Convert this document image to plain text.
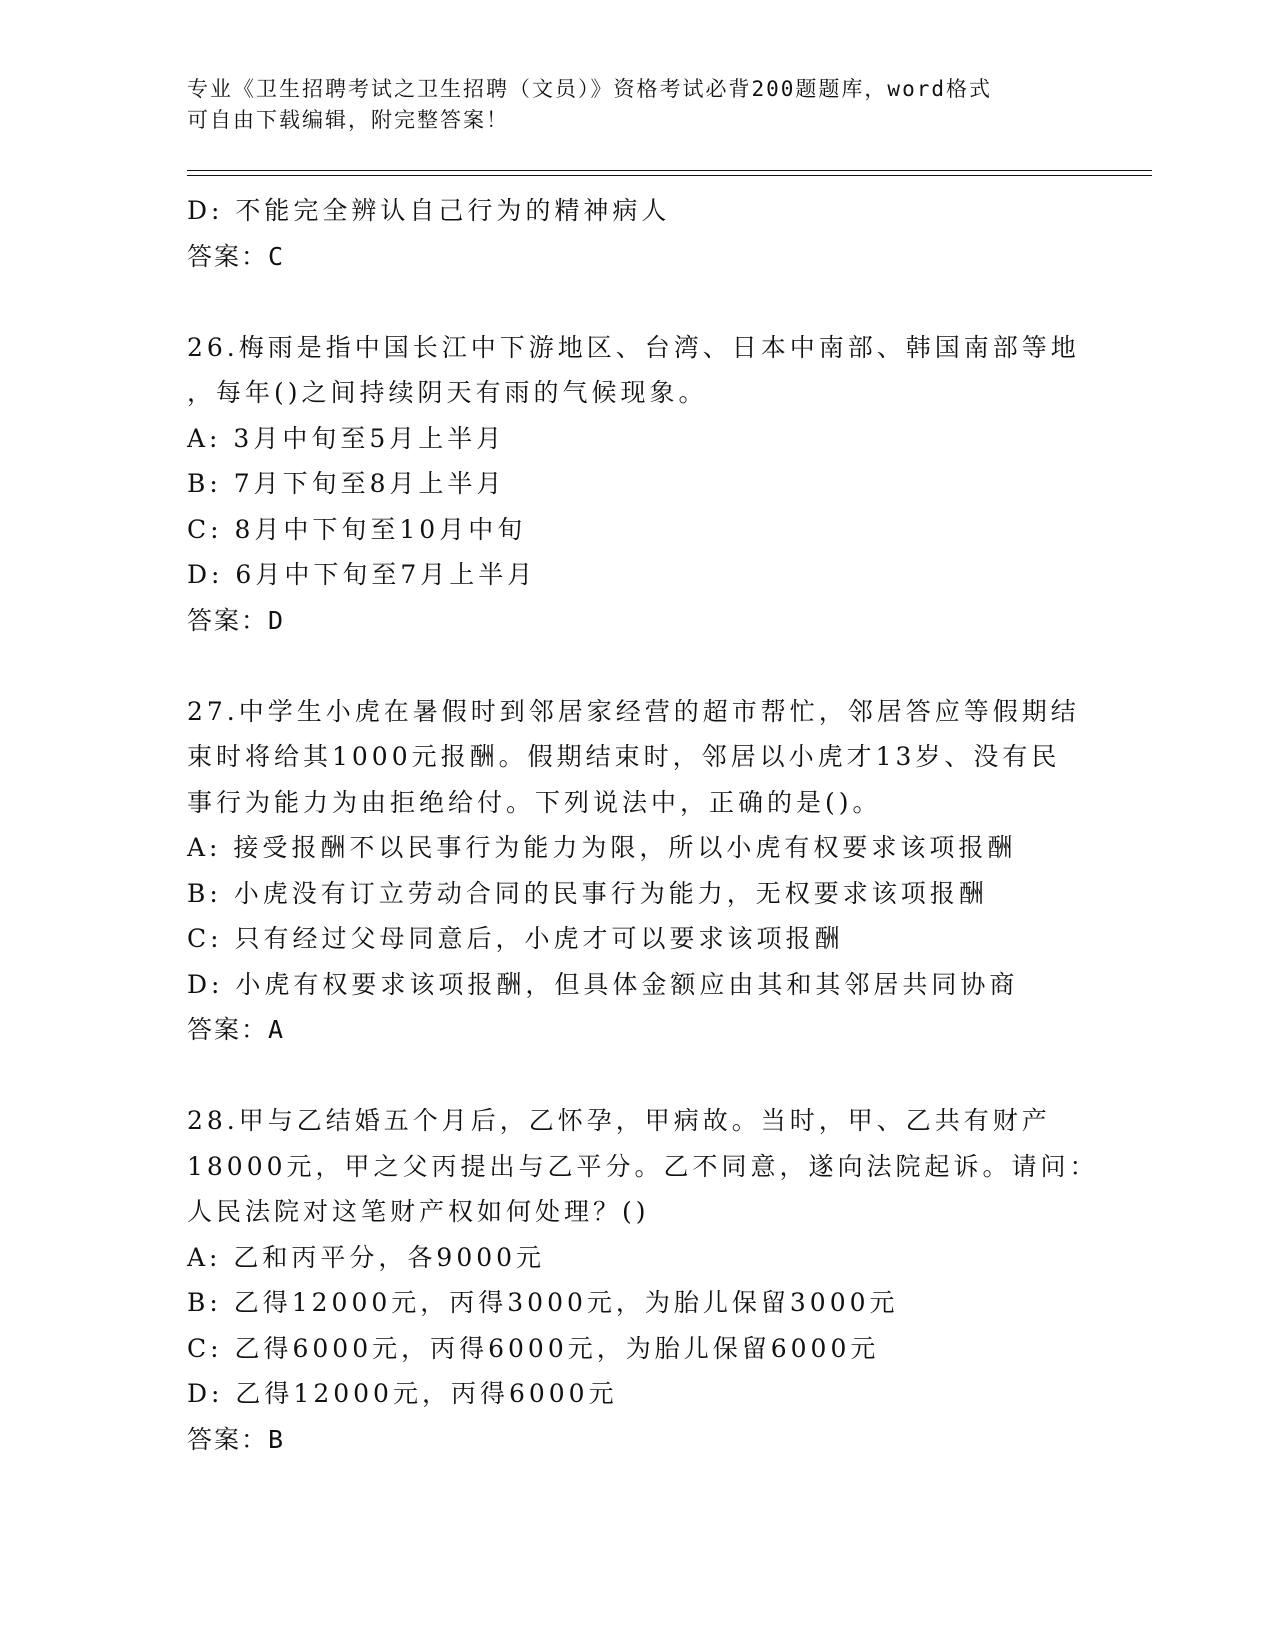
专业《卫生招聘考试之卫生招聘（文员）》资格考试必背200题题库，word格式
可自由下载编辑，附完整答案！
D: 不能完全辨认自己行为的精神病人
答案：C
26.梅雨是指中国长江中下游地区、台湾、日本中南部、韩国南部等地
，每年()之间持续阴天有雨的气候现象。
A: 3月中旬至5月上半月
B: 7月下旬至8月上半月
C: 8月中下旬至10月中旬
D: 6月中下旬至7月上半月
答案：D
27.中学生小虎在暑假时到邻居家经营的超市帮忙，邻居答应等假期结
束时将给其1000元报酬。假期结束时，邻居以小虎才13岁、没有民
事行为能力为由拒绝给付。下列说法中，正确的是()。
A: 接受报酬不以民事行为能力为限，所以小虎有权要求该项报酬
B: 小虎没有订立劳动合同的民事行为能力，无权要求该项报酬
C: 只有经过父母同意后，小虎才可以要求该项报酬
D: 小虎有权要求该项报酬，但具体金额应由其和其邻居共同协商
答案：A
28.甲与乙结婚五个月后，乙怀孕，甲病故。当时，甲、乙共有财产
18000元，甲之父丙提出与乙平分。乙不同意，遂向法院起诉。请问：
人民法院对这笔财产权如何处理？()
A: 乙和丙平分，各9000元
B: 乙得12000元，丙得3000元，为胎儿保留3000元
C: 乙得6000元，丙得6000元，为胎儿保留6000元
D: 乙得12000元，丙得6000元
答案：B
